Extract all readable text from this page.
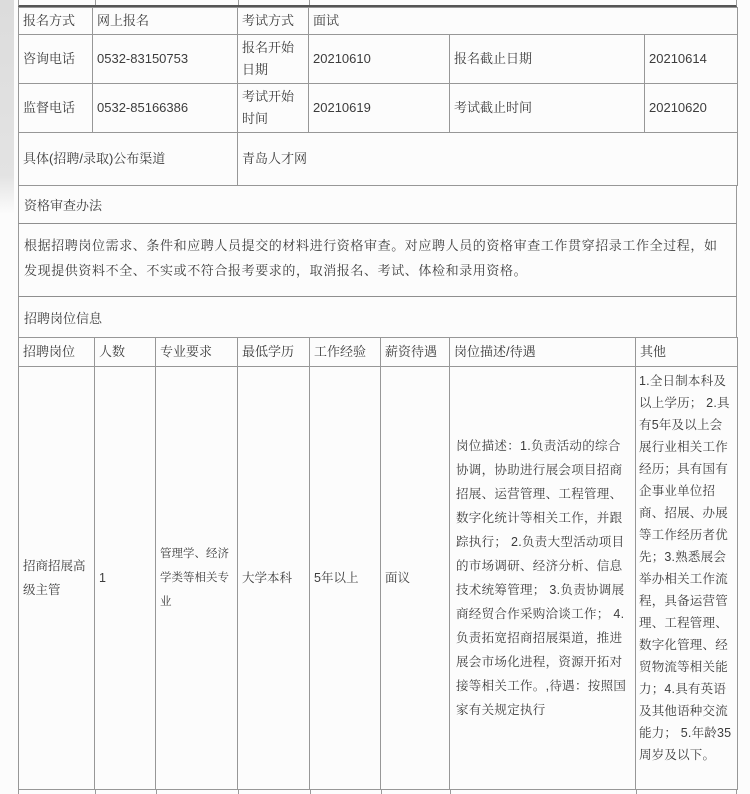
报名方式	网上报名	考试方式	面试		
咨询电话	0532-83150753	报名开始日期	20210610	报名截止日期	20210614
监督电话	0532-85166386	考试开始时间	20210619	考试截止时间	20210620
具体(招聘/录取)公布渠道		青岛人才网			
资格审查办法
根据招聘岗位需求、条件和应聘人员提交的材料进行资格审查。对应聘人员的资格审查工作贯穿招录工作全过程，如发现提供资料不全、不实或不符合报考要求的，取消报名、考试、体检和录用资格。
招聘岗位信息
招聘岗位	人数	专业要求	最低学历	工作经验	薪资待遇	岗位描述/待遇	其他
招商招展高级主管	1	管理学、经济学类等相关专业	大学本科	5年以上	面议	岗位描述：1.负责活动的综合协调，协助进行展会项目招商招展、运营管理、工程管理、数字化统计等相关工作，并跟踪执行； 2.负责大型活动项目的市场调研、经济分析、信息技术统筹管理； 3.负责协调展商经贸合作采购洽谈工作； 4.负责拓宽招商招展渠道，推进展会市场化进程，资源开拓对接等相关工作。,待遇：按照国家有关规定执行	1.全日制本科及以上学历； 2.具有5年及以上会展行业相关工作经历；具有国有企事业单位招商、招展、办展等工作经历者优先；3.熟悉展会举办相关工作流程，具备运营管理、工程管理、数字化管理、经贸物流等相关能力；4.具有英语及其他语种交流能力； 5.年龄35周岁及以下。
